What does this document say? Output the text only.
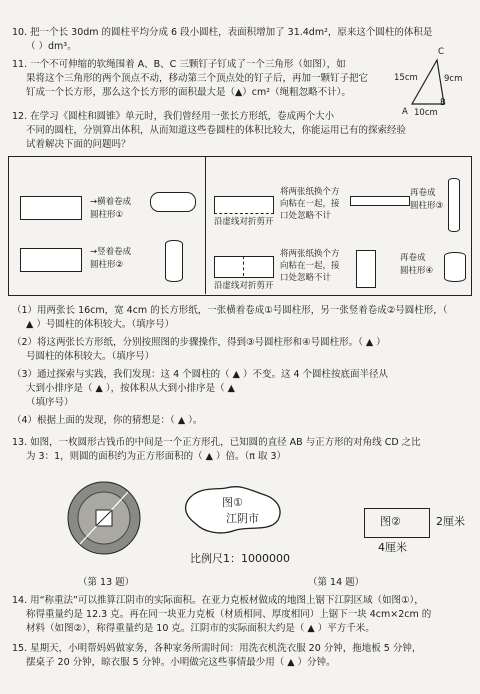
10. 把一个长 30dm 的圆柱平均分成 6 段小圆柱，表面积增加了 31.4dm²，原来这个圆柱的体积是
（ ）dm³。
11. 一个不可伸缩的软绳围着 A、B、C 三颗钉子钉成了一个三角形（如图），如
果将这个三角形的两个顶点不动，移动第三个顶点处的钉子后，再加一颗钉子把它
钉成一个长方形，那么这个长方形的面积最大是（▲）cm²（绳粗忽略不计）。
C
A
B
15cm	9cm
10cm
12. 在学习《圆柱和圆锥》单元时，我们曾经用一张长方形纸，卷成两个大小
不同的圆柱，分别算出体积，从而知道这些卷圆柱的体积比较大，你能运用已有的探索经验
试着解决下面的问题吗？
→横着卷成
圆柱形①
→竖着卷成
圆柱形②
沿虚线对折剪开
将两张纸换个方
向粘在一起，接
口处忽略不计
再卷成
圆柱形③
沿虚线对折剪开
将两张纸换个方
向粘在一起，接
口处忽略不计
再卷成
圆柱形④
（1）用两张长 16cm，宽 4cm 的长方形纸，一张横着卷成①号圆柱形，另一张竖着卷成②号圆柱形，（
▲ ）号圆柱的体积较大。（填序号）
（2）将这两张长方形纸，分别按照图的步骤操作，得到③号圆柱形和④号圆柱形。（ ▲ ）
号圆柱的体积较大。（填序号）
（3）通过探索与实践，我们发现：这 4 个圆柱的（ ▲ ）不变。这 4 个圆柱按底面半径从
大到小排序是（ ▲ ），按体积从大到小排序是（ ▲
（填序号）
（4）根据上面的发现，你的猜想是：（ ▲ ）。
13. 如图，一枚圆形古钱币的中间是一个正方形孔，已知圆的直径 AB 与正方形的对角线 CD 之比
为 3：1，则圆的面积约为正方形面积的（ ▲ ）倍。（π 取 3）
图①
江阴市
比例尺1：1000000
图②	2厘米
4厘米
（第 13 题）	（第 14 题）
14. 用“称重法”可以推算江阴市的实际面积。在亚力克板材做成的地图上锯下江阴区域（如图①），
称得重量约是 12.3 克。再在同一块亚力克板（材质相同、厚度相同）上锯下一块 4cm×2cm 的
材料（如图②），称得重量约是 10 克。江阴市的实际面积大约是（ ▲ ）平方千米。
15. 星期天，小明帮妈妈做家务，各种家务所需时间：用洗衣机洗衣服 20 分钟，拖地板 5 分钟，
摆桌子 20 分钟，晾衣服 5 分钟。小明做完这些事情最少用（ ▲ ）分钟。
